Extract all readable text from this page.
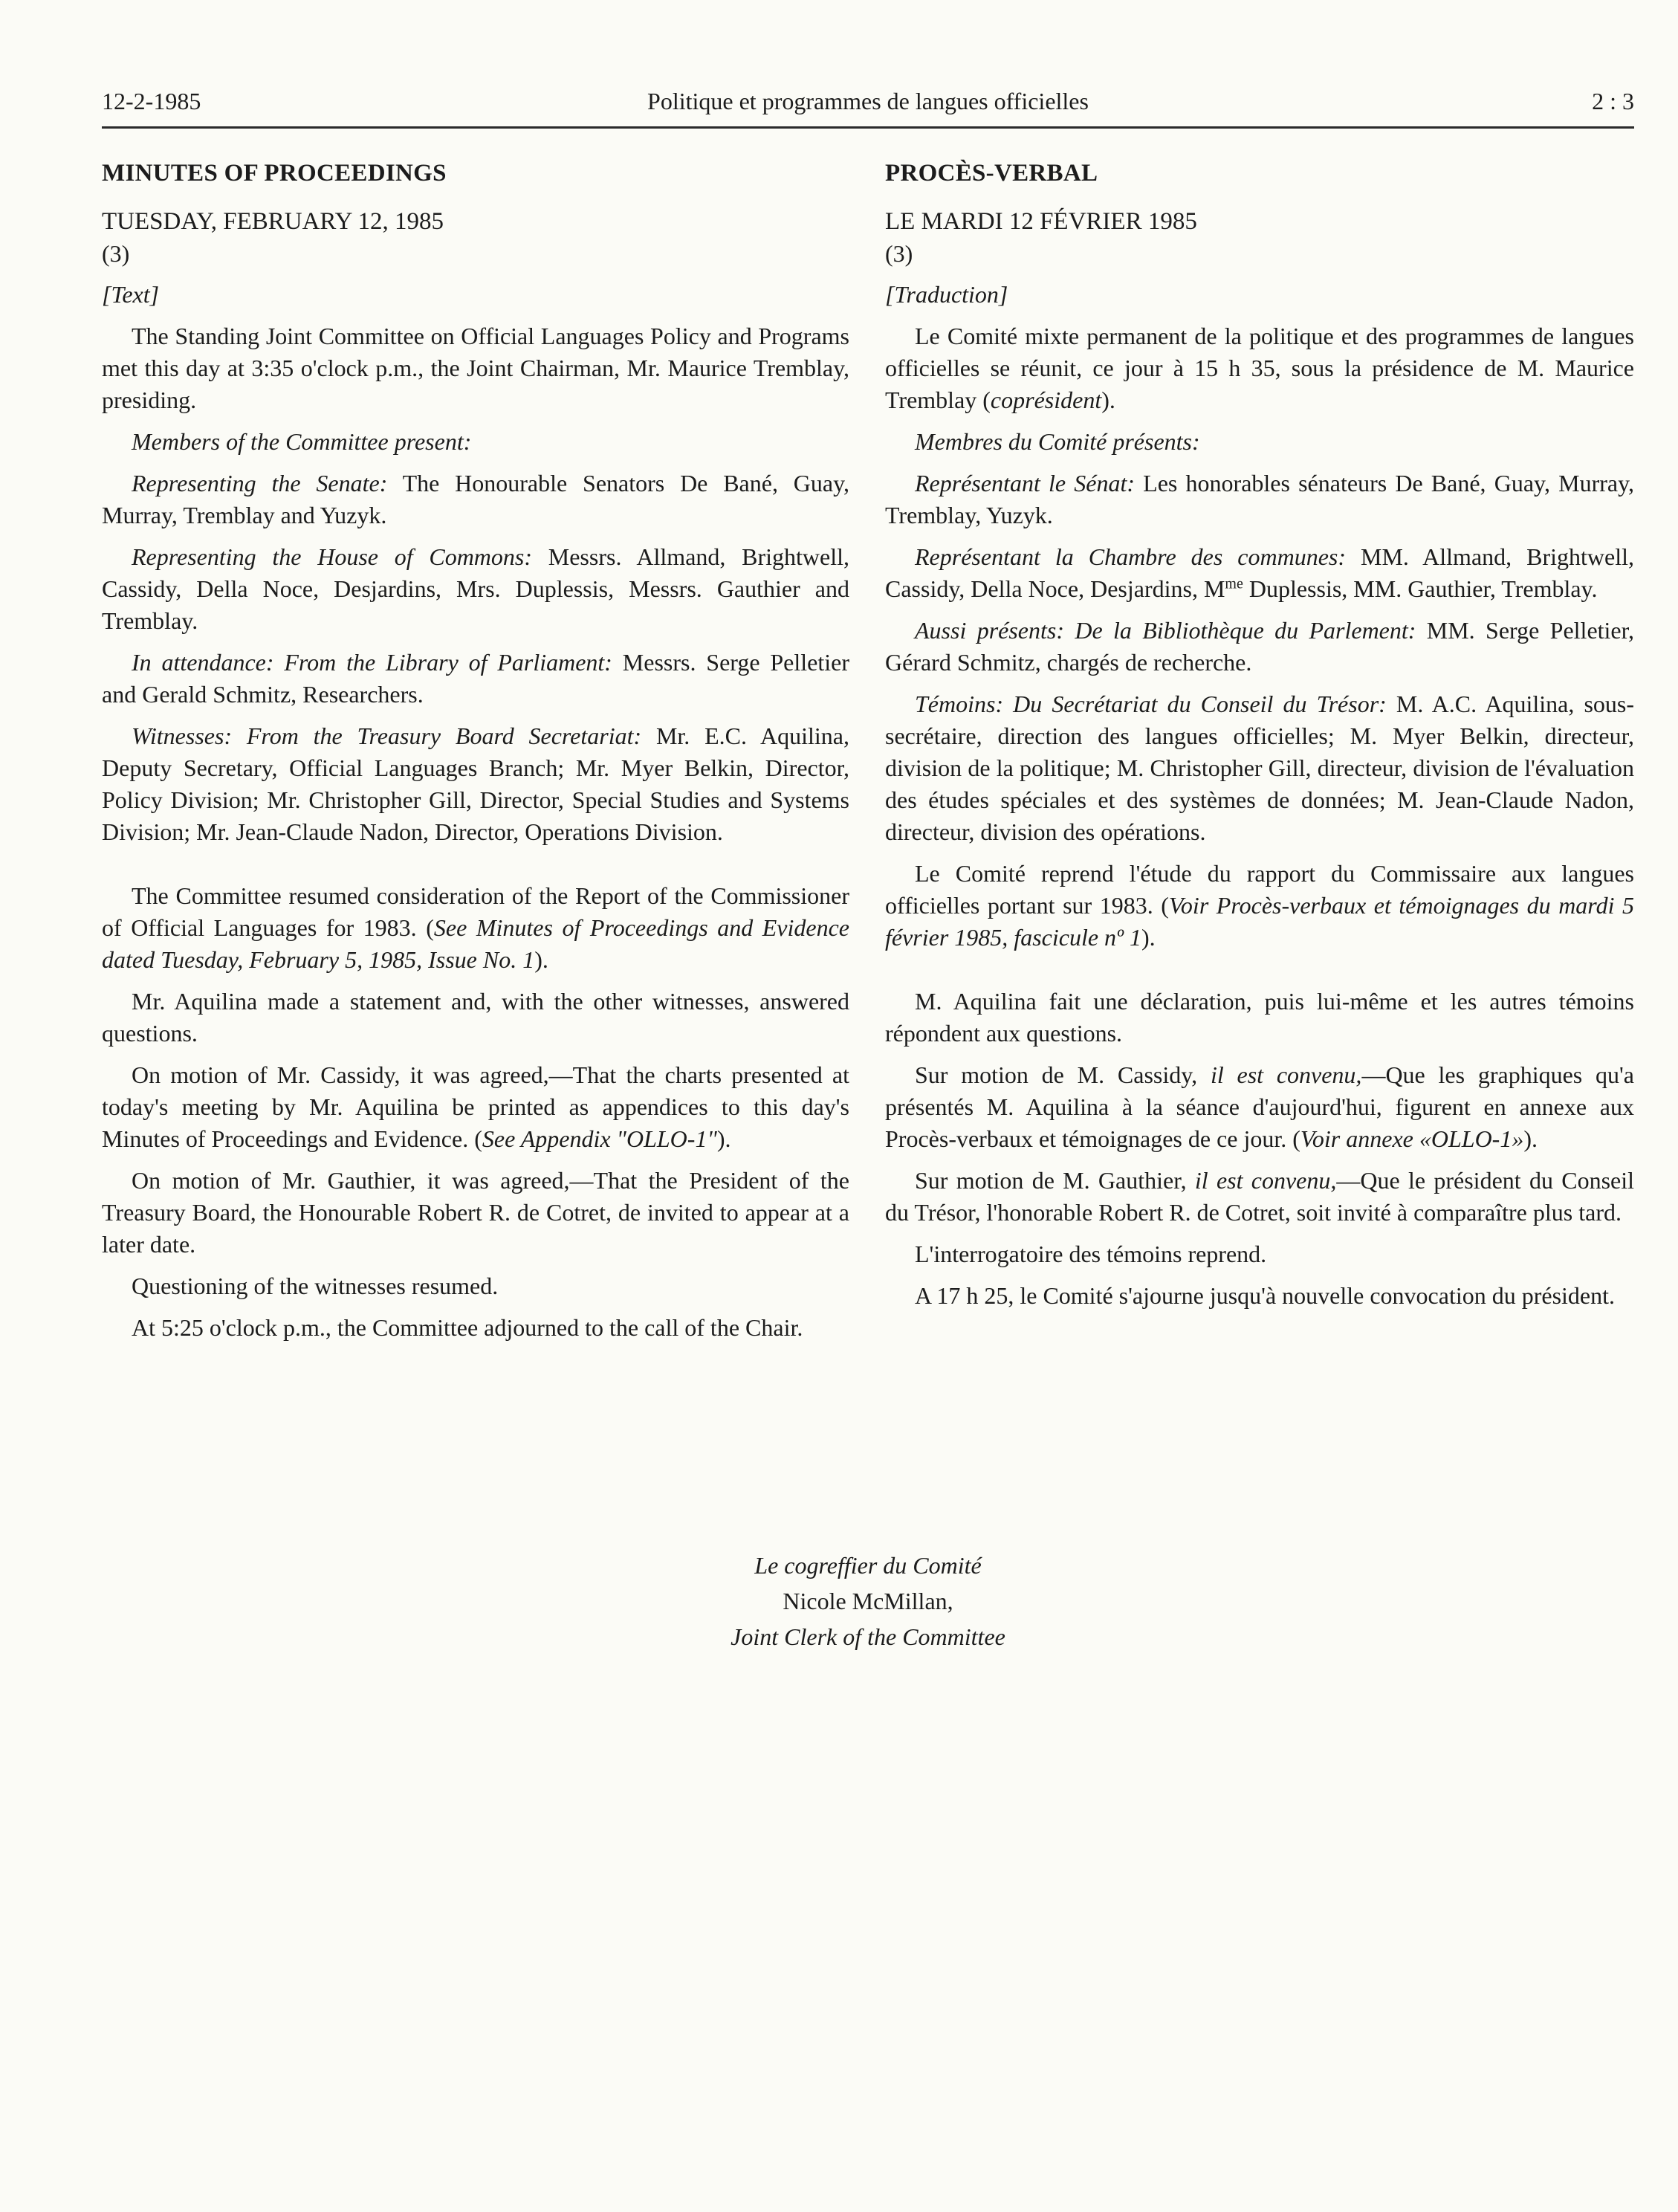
12-2-1985	Politique et programmes de langues officielles	2 : 3
MINUTES OF PROCEEDINGS
TUESDAY, FEBRUARY 12, 1985
(3)

[Text]

The Standing Joint Committee on Official Languages Policy and Programs met this day at 3:35 o'clock p.m., the Joint Chairman, Mr. Maurice Tremblay, presiding.

Members of the Committee present:

Representing the Senate: The Honourable Senators De Bané, Guay, Murray, Tremblay and Yuzyk.

Representing the House of Commons: Messrs. Allmand, Brightwell, Cassidy, Della Noce, Desjardins, Mrs. Duplessis, Messrs. Gauthier and Tremblay.

In attendance: From the Library of Parliament: Messrs. Serge Pelletier and Gerald Schmitz, Researchers.

Witnesses: From the Treasury Board Secretariat: Mr. E.C. Aquilina, Deputy Secretary, Official Languages Branch; Mr. Myer Belkin, Director, Policy Division; Mr. Christopher Gill, Director, Special Studies and Systems Division; Mr. Jean-Claude Nadon, Director, Operations Division.

The Committee resumed consideration of the Report of the Commissioner of Official Languages for 1983. (See Minutes of Proceedings and Evidence dated Tuesday, February 5, 1985, Issue No. 1).

Mr. Aquilina made a statement and, with the other witnesses, answered questions.

On motion of Mr. Cassidy, it was agreed,—That the charts presented at today's meeting by Mr. Aquilina be printed as appendices to this day's Minutes of Proceedings and Evidence. (See Appendix "OLLO-1").

On motion of Mr. Gauthier, it was agreed,—That the President of the Treasury Board, the Honourable Robert R. de Cotret, de invited to appear at a later date.

Questioning of the witnesses resumed.

At 5:25 o'clock p.m., the Committee adjourned to the call of the Chair.

PROCÈS-VERBAL
LE MARDI 12 FÉVRIER 1985
(3)

[Traduction]

Le Comité mixte permanent de la politique et des programmes de langues officielles se réunit, ce jour à 15 h 35, sous la présidence de M. Maurice Tremblay (coprésident).

Membres du Comité présents:

Représentant le Sénat: Les honorables sénateurs De Bané, Guay, Murray, Tremblay, Yuzyk.

Représentant la Chambre des communes: MM. Allmand, Brightwell, Cassidy, Della Noce, Desjardins, $M^{me}$ Duplessis, MM. Gauthier, Tremblay.

Aussi présents: De la Bibliothèque du Parlement: MM. Serge Pelletier, Gérard Schmitz, chargés de recherche.

Témoins: Du Secrétariat du Conseil du Trésor: M. A.C. Aquilina, sous-secrétaire, direction des langues officielles; M. Myer Belkin, directeur, division de la politique; M. Christopher Gill, directeur, division de l'évaluation des études spéciales et des systèmes de données; M. Jean-Claude Nadon, directeur, division des opérations.

Le Comité reprend l'étude du rapport du Commissaire aux langues officielles portant sur 1983. (Voir Procès-verbaux et témoignages du mardi 5 février 1985, fascicule nº 1).

M. Aquilina fait une déclaration, puis lui-même et les autres témoins répondent aux questions.

Sur motion de M. Cassidy, il est convenu,—Que les graphiques qu'a présentés M. Aquilina à la séance d'aujourd'hui, figurent en annexe aux Procès-verbaux et témoignages de ce jour. (Voir annexe «OLLO-1»).

Sur motion de M. Gauthier, il est convenu,—Que le président du Conseil du Trésor, l'honorable Robert R. de Cotret, soit invité à comparaître plus tard.

L'interrogatoire des témoins reprend.

A 17 h 25, le Comité s'ajourne jusqu'à nouvelle convocation du président.

Le cogreffier du Comité
Nicole McMillan,
Joint Clerk of the Committee
